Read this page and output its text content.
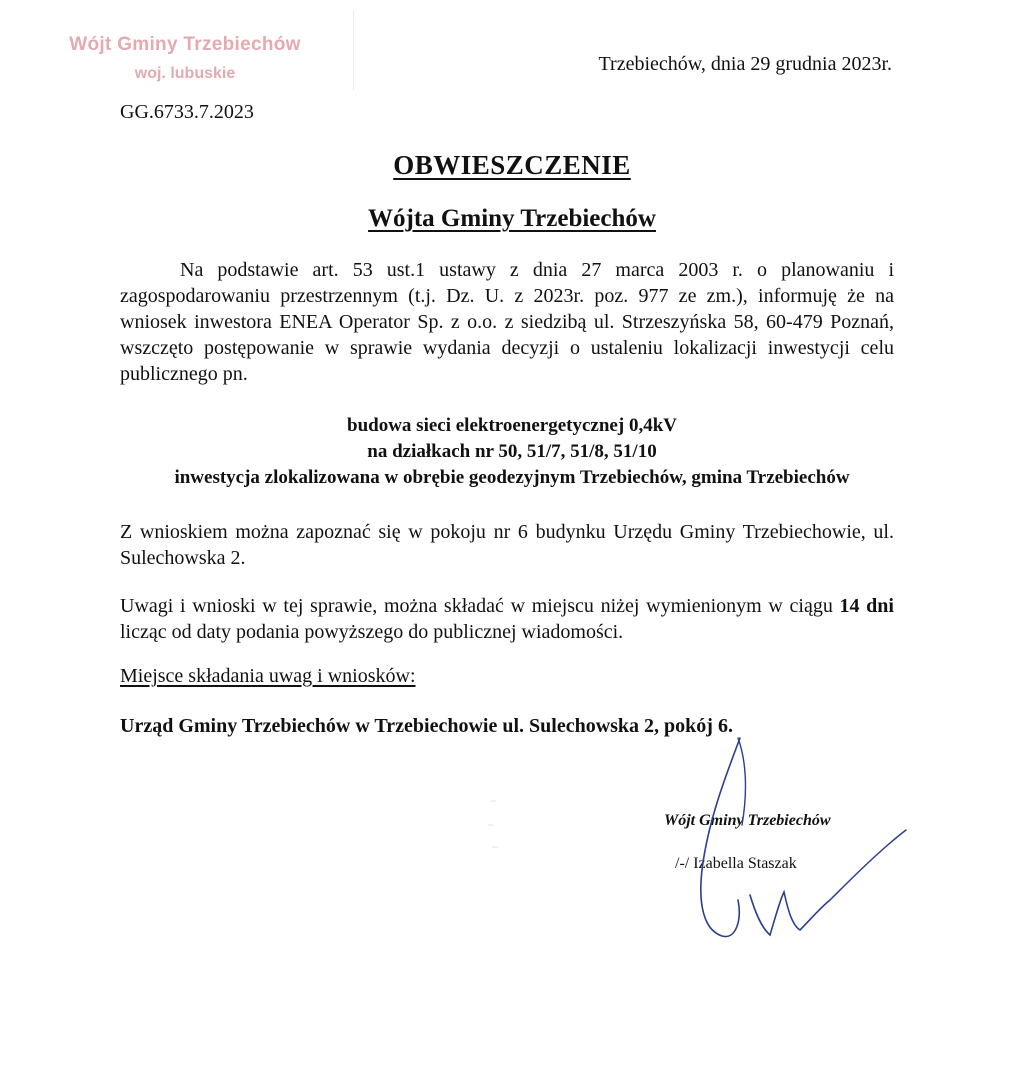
Wójt Gminy Trzebiechów
woj. lubuskie	Trzebiechów, dnia 29 grudnia 2023r.
GG.6733.7.2023
OBWIESZCZENIE
Wójta Gminy Trzebiechów
Na podstawie art. 53 ust.1 ustawy z dnia 27 marca 2003 r. o planowaniu i zagospodarowaniu przestrzennym (t.j. Dz. U. z 2023r. poz. 977 ze zm.), informuję że na wniosek inwestora ENEA Operator Sp. z o.o. z siedzibą ul. Strzeszyńska 58, 60-479 Poznań, wszczęto postępowanie w sprawie wydania decyzji o ustaleniu lokalizacji inwestycji celu publicznego pn.
budowa sieci elektroenergetycznej 0,4kV
na działkach nr 50, 51/7, 51/8, 51/10
inwestycja zlokalizowana w obrębie geodezyjnym Trzebiechów, gmina Trzebiechów
Z wnioskiem można zapoznać się w pokoju nr 6 budynku Urzędu Gminy Trzebiechowie, ul. Sulechowska 2.
Uwagi i wnioski w tej sprawie, można składać w miejscu niżej wymienionym w ciągu 14 dni licząc od daty podania powyższego do publicznej wiadomości.
Miejsce składania uwag i wniosków:
Urząd Gminy Trzebiechów w Trzebiechowie ul. Sulechowska 2, pokój 6.
Wójt Gminy Trzebiechów
/-/ Izabella Staszak
